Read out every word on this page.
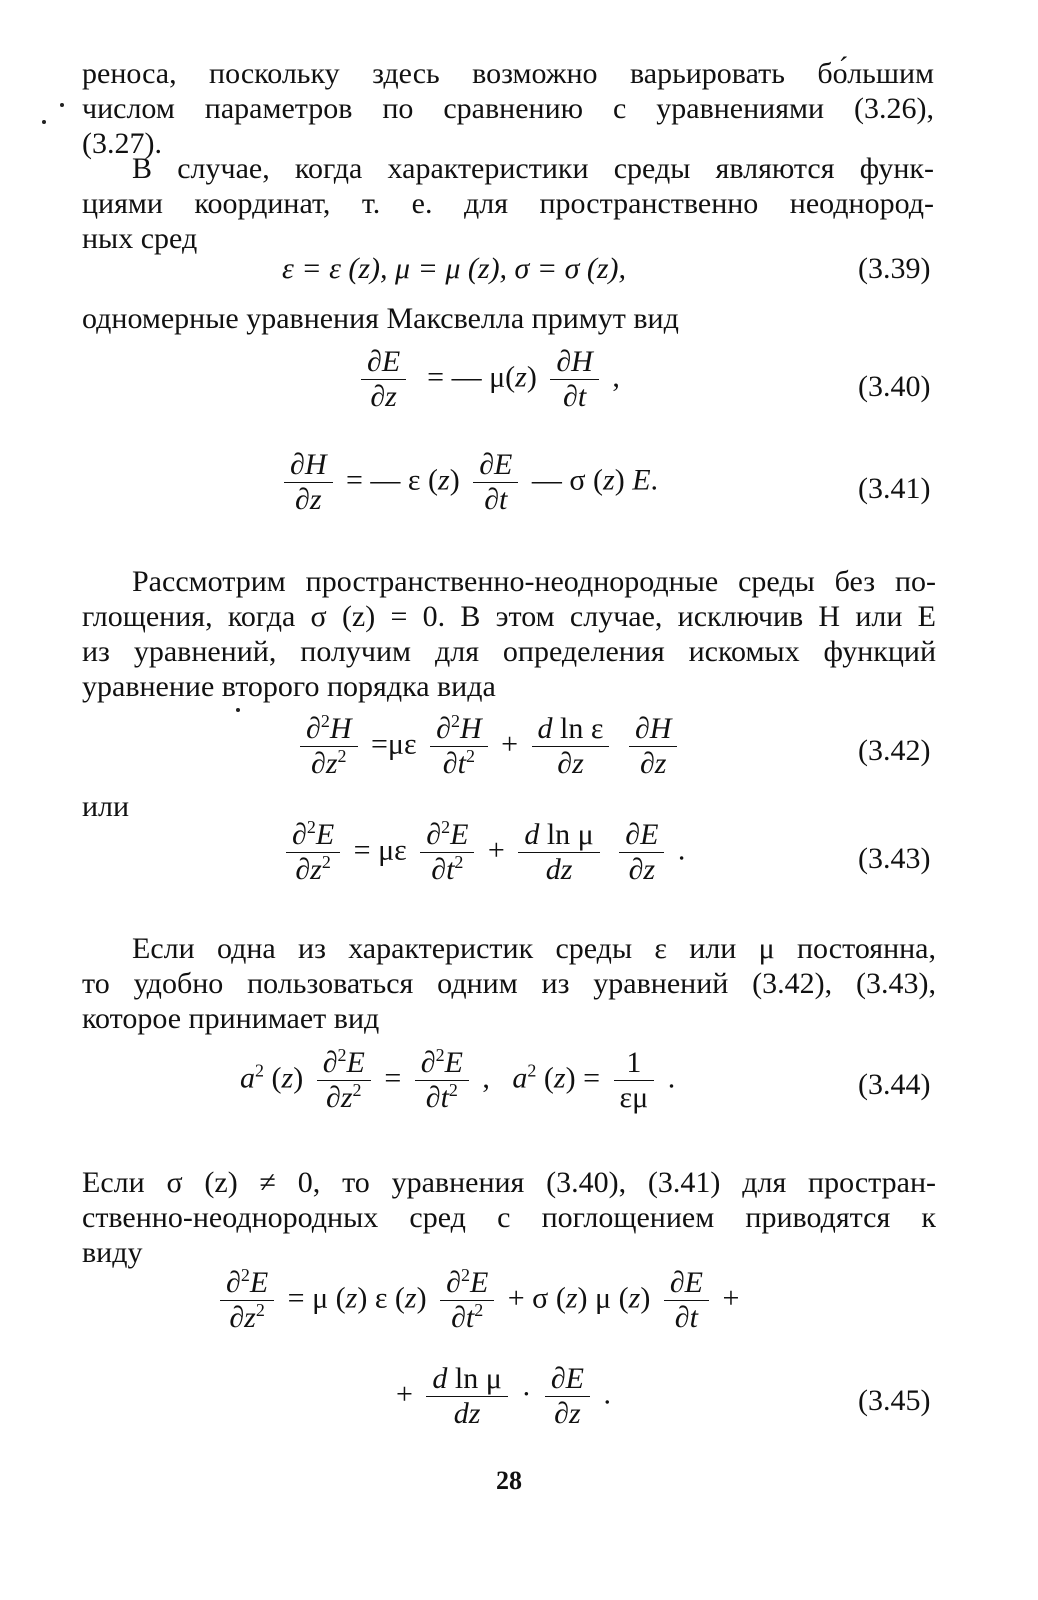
реноса, поскольку здесь возможно варьировать бо́льшим
числом параметров по сравнению с уравнениями (3.26),
(3.27).
В случае, когда характеристики среды являются функ-
циями координат, т. е. для пространственно неоднород-
ных сред
ε = ε (z), μ = μ (z), σ = σ (z),	(3.39)
одномерные уравнения Максвелла примут вид
$\frac{\partial E}{\partial z}$ = — $\mu(z) \frac{\partial H}{\partial t}$ ,	(3.40)
$\frac{\partial H}{\partial z}$ = — ε $(z) \frac{\partial E}{\partial t}$ — σ (z) E.	(3.41)
Рассмотрим пространственно-неоднородные среды без по-
глощения, когда σ (z) = 0. В этом случае, исключив H или E
из уравнений, получим для определения искомых функций
уравнение второго порядка вида
$\frac{\partial^2H}{\partial z^2} =\mu\varepsilon \frac{\partial^2H}{\partial t^2} + \frac{\text{d ln ε}}{\partial z}$
$\frac{\partial H}{\partial z}$	(3.42)
или
$\frac{\partial^2E}{\partial z^2} = \mu\varepsilon \frac{\partial^2E}{\partial t^2} + \frac{\text{d ln μ}}{dz}$
$\frac{\partial E}{\partial z}$ .	(3.43)
Если одна из характеристик среды ε или μ постоянна,
то удобно пользоваться одним из уравнений (3.42), (3.43),
которое принимает вид
$a^2$ $(z) \frac{\partial^2E}{\partial z^2} = \frac{\partial^2E}{\partial t^2}$ ,   $a^2$ $(z) = \frac{1}{\varepsilon\mu}$ .	(3.44)
Если σ (z) ≠ 0, то уравнения (3.40), (3.41) для простран-
ственно-неоднородных сред с поглощением приводятся к
виду
$\frac{\partial^2E}{\partial z^2} = \mu$ (z) ε $(z) \frac{\partial^2E}{\partial t^2} + \sigma$ (z) μ $(z) \frac{\partial E}{\partial t}$ +
+ $\frac{\text{d ln μ}}{dz} \cdot \frac{\partial E}{\partial z}$ .	(3.45)
28
